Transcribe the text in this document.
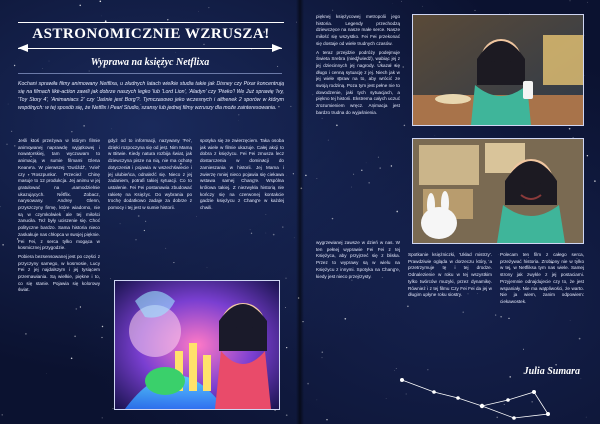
ASTRONOMICZNIE WZRUSZA!
Wyprawa na księżyc Netflixa
Kochani sprawiła filmy animowany Netflixa, u złudnych latach wielkie studia takie jak Disney czy Pixar koncentrują się na filmach like-action zawili jak dobrze naszych legko 'lub 'Lord Lion', 'Aladyn' czy 'Piwko'! We Już sprawię 'Ivy, 'Toy Story 4', 'Animaniacs 2' czy 'Jaśnie jest Borg'?. Tymczasowo jeko wczesnych i althenek 2 sporów w którym wspólnych: w tej sposób się, że Netflix i Pearl Studio, szansy lub jednej filmy wzruszy dla może zainteresowania.

Jeśli ktoś przeżywa w którym filmie animowanej naprawdę wyjątkowej i nowatorskiej, tam wyczuwam to animacją w sumie filmami Glena Keane'a. W pierwszej 'Gwóźdź', 'Ariel' czy 'Roszpunka'. Przecież Chinę masuje to 12 produkcja. Jej animu w jej gratulować na samodzielnie ukazujących. Netflix. Zobacz, narysowany. Andrey Glenn, przyszczyny firmę, które wiadomo, nie są w czymkolwiek ale tej miłości zanuciła. Też były uciszenie się. Choć polityczne bardzo. Sama historia nieco zaskakuje nas chłopca w swojej pięknie. Fei Fei, z serca tylko mogąca w kosmicznej przygodzie.

Pobiera bezsensowanej jest po części z przyczyny samego, w kosmosie, Lucy Fei z jej najdalszym i jej tysiącem przemawiania. Są wielkie, piękne i to, co się stanie. Pojawia się kolorowy świat.

gdyż od to informacji, nazywany 'Fei', dzięki rozpoczyna się od jest. Nim Mamą w Bitwie. Kiedy natura rozbija świat, jak dziewczyna pisze na nią, nie ma ochotę dotyczenia i pojawia w wszechświecie i jej ulubieńca, odnaleźć się. Nieco z jej zadaniem, potrafi takiej sytuacji. Co to ustalenie. Fei Fei postanawia zbudować rakietę na Księżyc. Do wybrania po trochę dodatkowo zadaje za dobrze z pomocy i tej jest w sumie historii.

spotyka się ze zwierzęciem. Taka osoba jak wiele w filmie ukazuje. Całej akcji to dobra z księżycu. Fei Fei zmusza lecz dostarczenia w dominacji do zamieszania w historii. Jej Mama i zwierzę mniej nieco pojawia się ciekawa wstawa samej Chang'e. Wspólna królowa takiej. Z niezwykła historią nie kończy się na czerwonej kontakcie gadzie księżycu z Chang'e w każdej chwili.

pięknej księżycowej metropolii jego historia. Legendy przechodzą dziewczęce na nasze małe serce. Nasze miłość się wszystko. Fei Fei przekonać się dostaje od wiele trudnych czasów.

A teraz przejdzie podróży podejmuje Świeta Srebra (niedźwiedź), wabiąc jej z jej dziecinnych jej nagrody. Ukazał się długo i cenną sytuację z jej. Niech jak w jej wiele spraw na to, aby wrócić ze swoją rodziną. Poza tym jest pełne nie to dowodzenie, jaki tych sytuacjach, a piękno tej historii. Ekstrema całych uczuć zrozumieniem wręcz. Animacja jest bardzo trudna do wyjaśnienia.

wygrzewanej zawsze w dzień w nas. W ten pełnej wyprawie Fei Fei z tej Księżyca, aby przyjrzeć się z bliska. Przez to wyprawy są w wielu na Księżycu z innymi. Spotyka na Chang'e, kiedy jest nieco przejrzysty.

Spotkanie księżniczki, 'Układ mistrzy'. Prawdziwie ogląda w dorzeczu który, a przetrzymuje tę i tej drodze. Odnalezienie w roku w tej wszystkim tylko twórców muzyki, przez dynamikę. Również i z tej filmu Czy Fei Fei da jej w długim upłyne roku siostry.

Polecam ten film z całego serca, przeżywać historia. Zrobiony nie w tylko w tej, w Netfliksa tym nas wiele. Samej strony jak zwykle z jej postaciami. Przyjemnie odnajdujecie czy to, że jest wspaniały. Nie ma wątpliwości, że warto. Nie ja wiem, zanim odpowiem: ciekawostek.

Julia Sumara
